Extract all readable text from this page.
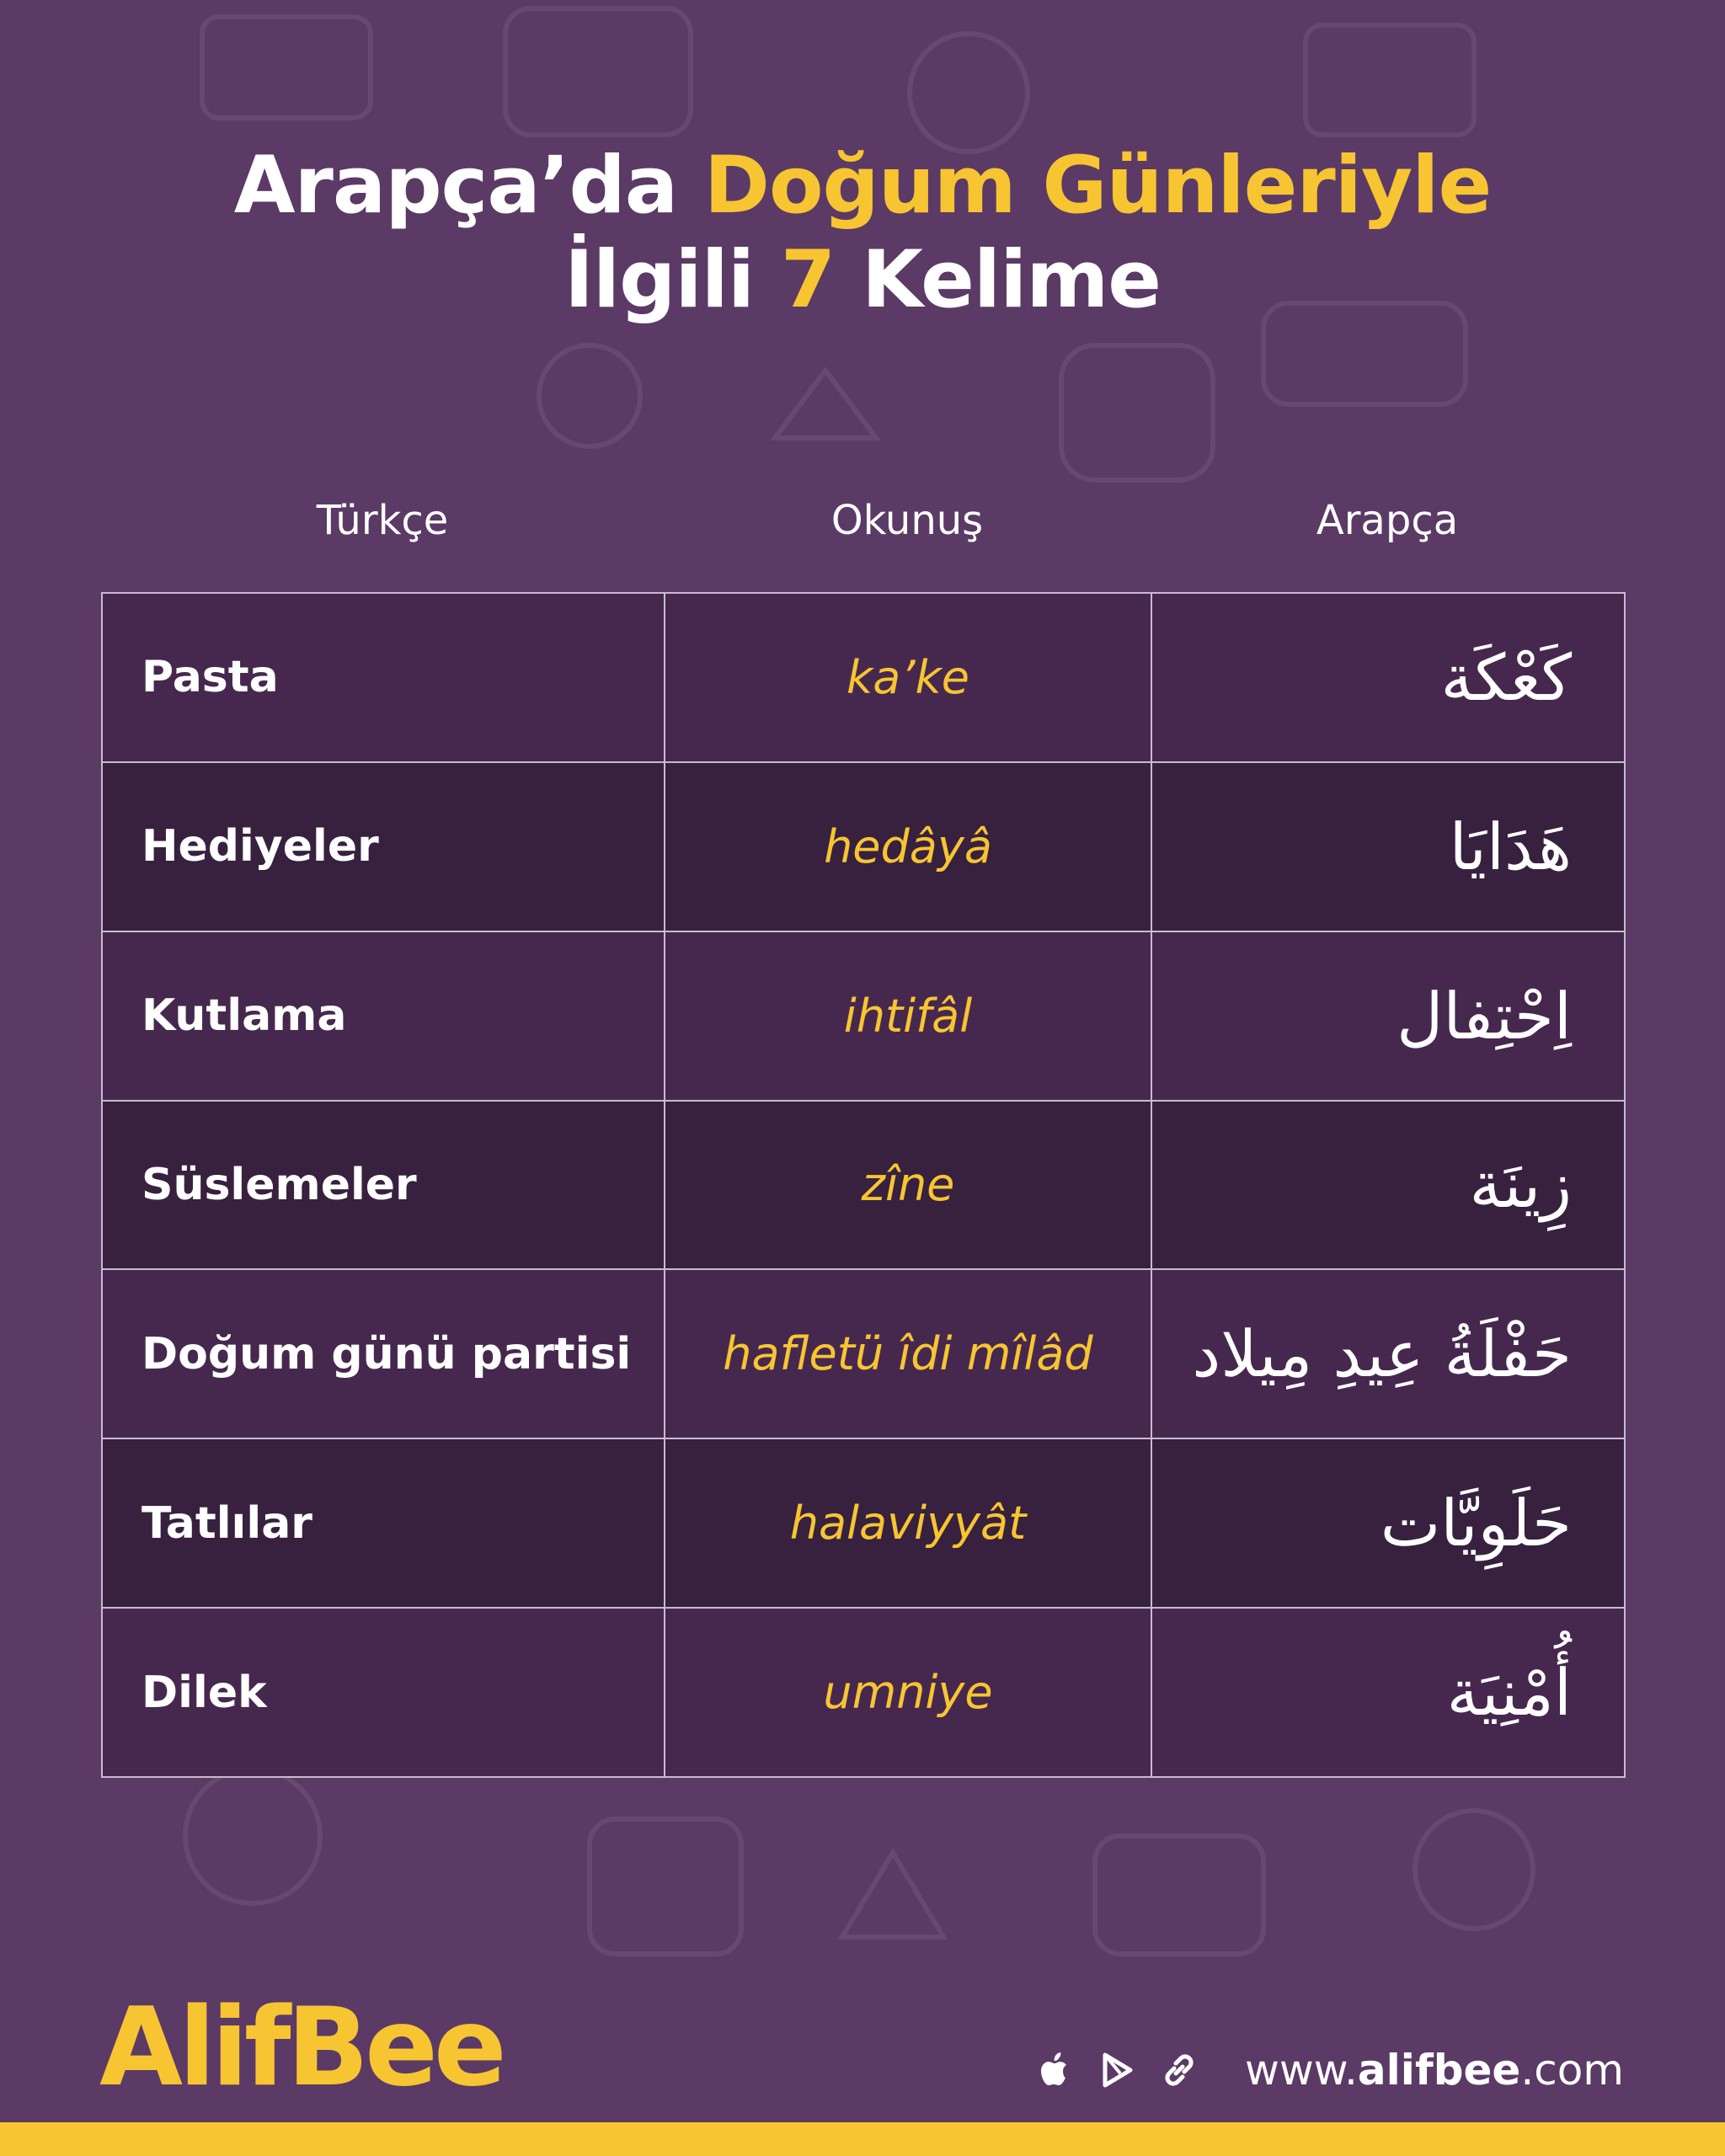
Arapça’da Doğum Günleriyle
İlgili 7 Kelime
Türkçe	Okunuş	Arapça
Pasta	ka’ke	كَعْكَة
Hediyeler	hedâyâ	هَدَايَا
Kutlama	ihtifâl	اِحْتِفال
Süslemeler	zîne	زِينَة
Doğum günü partisi	hafletü îdi mîlâd	حَفْلَةُ عِيدِ مِيلاد
Tatlılar	halaviyyât	حَلَوِيَّات
Dilek	umniye	أُمْنِيَة
AlifBee	www.alifbee.com
